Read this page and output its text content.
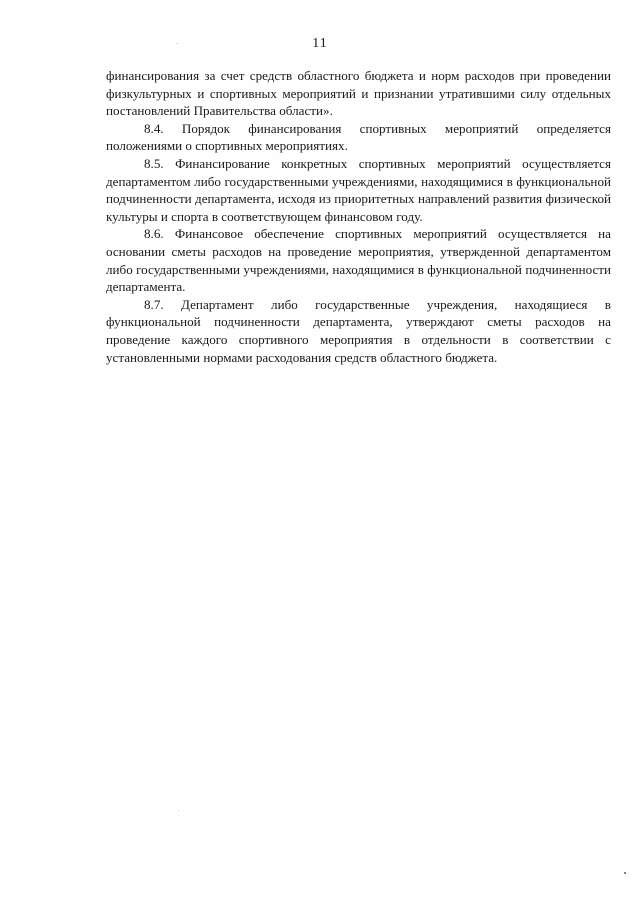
11

финансирования за счет средств областного бюджета и норм расходов при проведении физкультурных и спортивных мероприятий и признании утратившими силу отдельных постановлений Правительства области».

8.4. Порядок финансирования спортивных мероприятий определяется положениями о спортивных мероприятиях.

8.5. Финансирование конкретных спортивных мероприятий осуществляется департаментом либо государственными учреждениями, находящимися в функциональной подчиненности департамента, исходя из приоритетных направлений развития физической культуры и спорта в соответствующем финансовом году.

8.6. Финансовое обеспечение спортивных мероприятий осуществляется на основании сметы расходов на проведение мероприятия, утвержденной департаментом либо государственными учреждениями, находящимися в функциональной подчиненности департамента.

8.7. Департамент либо государственные учреждения, находящиеся в функциональной подчиненности департамента, утверждают сметы расходов на проведение каждого спортивного мероприятия в отдельности в соответствии с установленными нормами расходования средств областного бюджета.
